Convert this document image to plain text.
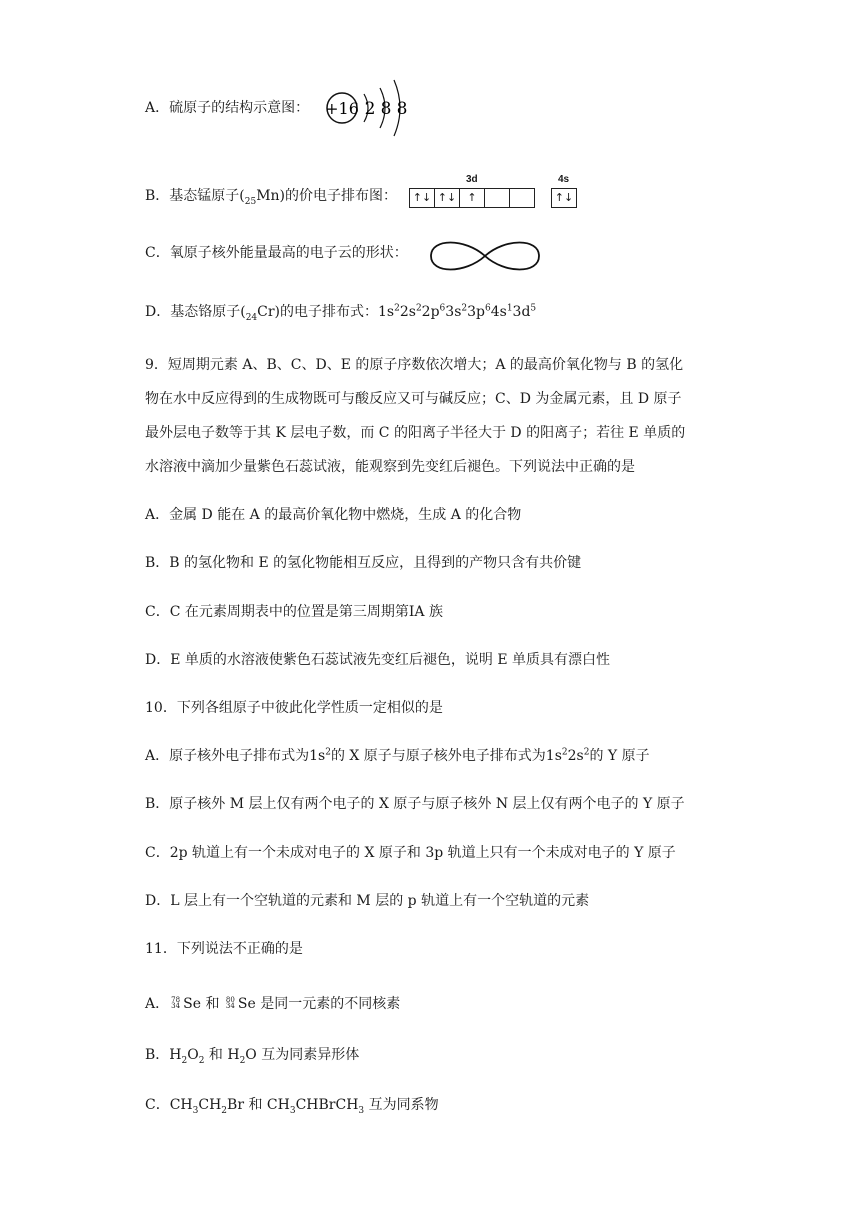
A．硫原子的结构示意图： +16 2 8 8
B．基态锰原子$(_{25}Mn)$的价电子排布图：
3d
↑↓ ↑↓	↑
4s
↑↓
C．氧原子核外能量最高的电子云的形状：
D．基态铬原子$(_{24}Cr)$的电子排布式：$1s^22s^22p^63s^23p^64s^13d^5$
9．短周期元素 A、B、C、D、E 的原子序数依次增大；A 的最高价氧化物与 B 的氢化
物在水中反应得到的生成物既可与酸反应又可与碱反应；C、D 为金属元素，且 D 原子
最外层电子数等于其 K 层电子数，而 C 的阳离子半径大于 D 的阳离子；若往 E 单质的
水溶液中滴加少量紫色石蕊试液，能观察到先变红后褪色。下列说法中正确的是
A．金属 D 能在 A 的最高价氧化物中燃烧，生成 A 的化合物
B．B 的氢化物和 E 的氢化物能相互反应，且得到的产物只含有共价键
C．C 在元素周期表中的位置是第三周期第ⅠA 族
D．E 单质的水溶液使紫色石蕊试液先变红后褪色，说明 E 单质具有漂白性
10．下列各组原子中彼此化学性质一定相似的是
A．原子核外电子排布式为$1s^2$的 X 原子与原子核外电子排布式为$1s^22s^2$的 Y 原子
B．原子核外 M 层上仅有两个电子的 X 原子与原子核外 N 层上仅有两个电子的 Y 原子
C．2p 轨道上有一个未成对电子的 X 原子和 3p 轨道上只有一个未成对电子的 Y 原子
D．L 层上有一个空轨道的元素和 M 层的 p 轨道上有一个空轨道的元素
11．下列说法不正确的是
A． 78
34 Se 和 80
34 Se 是同一元素的不同核素
B．$H_2O_2$ 和 $H_2O$ 互为同素异形体
C．$CH_3CH_2Br$ 和 $CH_3CHBrCH_3$ 互为同系物
